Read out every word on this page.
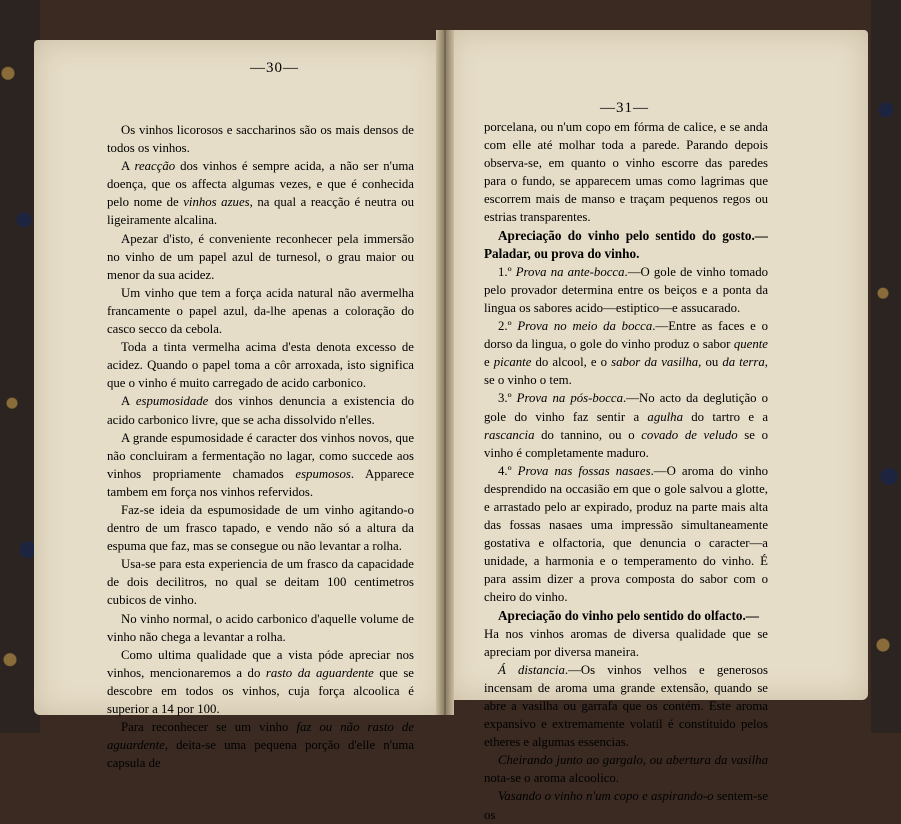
—30—
—31—

Os vinhos licorosos e saccharinos são os mais densos de todos os vinhos.

A reacção dos vinhos é sempre acida, a não ser n'uma doença, que os affecta algumas vezes, e que é conhecida pelo nome de vinhos azues, na qual a reacção é neutra ou ligeiramente alcalina.

Apezar d'isto, é conveniente reconhecer pela immersão no vinho de um papel azul de turnesol, o grau maior ou menor da sua acidez.

Um vinho que tem a força acida natural não avermelha francamente o papel azul, da-lhe apenas a coloração do casco secco da cebola.

Toda a tinta vermelha acima d'esta denota excesso de acidez. Quando o papel toma a côr arroxada, isto significa que o vinho é muito carregado de acido carbonico.

A espumosidade dos vinhos denuncia a existencia do acido carbonico livre, que se acha dissolvido n'elles.

A grande espumosidade é caracter dos vinhos novos, que não concluiram a fermentação no lagar, como succede aos vinhos propriamente chamados espumosos. Apparece tambem em força nos vinhos refervidos.

Faz-se ideia da espumosidade de um vinho agitando-o dentro de um frasco tapado, e vendo não só a altura da espuma que faz, mas se consegue ou não levantar a rolha.

Usa-se para esta experiencia de um frasco da capacidade de dois decilitros, no qual se deitam 100 centimetros cubicos de vinho.

No vinho normal, o acido carbonico d'aquelle volume de vinho não chega a levantar a rolha.

Como ultima qualidade que a vista póde apreciar nos vinhos, mencionaremos a do rasto da aguardente que se descobre em todos os vinhos, cuja força alcoolica é superior a 14 por 100.

Para reconhecer se um vinho faz ou não rasto de aguardente, deita-se uma pequena porção d'elle n'uma capsula de

porcelana, ou n'um copo em fórma de calice, e se anda com elle até molhar toda a parede. Parando depois observa-se, em quanto o vinho escorre das paredes para o fundo, se apparecem umas como lagrimas que escorrem mais de manso e traçam pequenos regos ou estrias transparentes.

Apreciação do vinho pelo sentido do gosto.— Paladar, ou prova do vinho.

1.º Prova na ante-bocca.—O gole de vinho tomado pelo provador determina entre os beiços e a ponta da lingua os sabores acido—estiptico—e assucarado.

2.º Prova no meio da bocca.—Entre as faces e o dorso da lingua, o gole do vinho produz o sabor quente e picante do alcool, e o sabor da vasilha, ou da terra, se o vinho o tem.

3.º Prova na pós-bocca.—No acto da deglutição o gole do vinho faz sentir a agulha do tartro e a rascancia do tannino, ou o covado de veludo se o vinho é completamente maduro.

4.º Prova nas fossas nasaes.—O aroma do vinho desprendido na occasião em que o gole salvou a glotte, e arrastado pelo ar expirado, produz na parte mais alta das fossas nasaes uma impressão simultaneamente gostativa e olfactoria, que denuncia o caracter—a unidade, a harmonia e o temperamento do vinho. É para assim dizer a prova composta do sabor com o cheiro do vinho.

Apreciação do vinho pelo sentido do olfacto.—

Ha nos vinhos aromas de diversa qualidade que se apreciam por diversa maneira.

Á distancia.—Os vinhos velhos e generosos incensam de aroma uma grande extensão, quando se abre a vasilha ou garrafa que os contém. Este aroma expansivo e extremamente volatil é constituido pelos etheres e algumas essencias.

Cheirando junto ao gargalo, ou abertura da vasilha nota-se o aroma alcoolico.

Vasando o vinho n'um copo e aspirando-o sentem-se os
